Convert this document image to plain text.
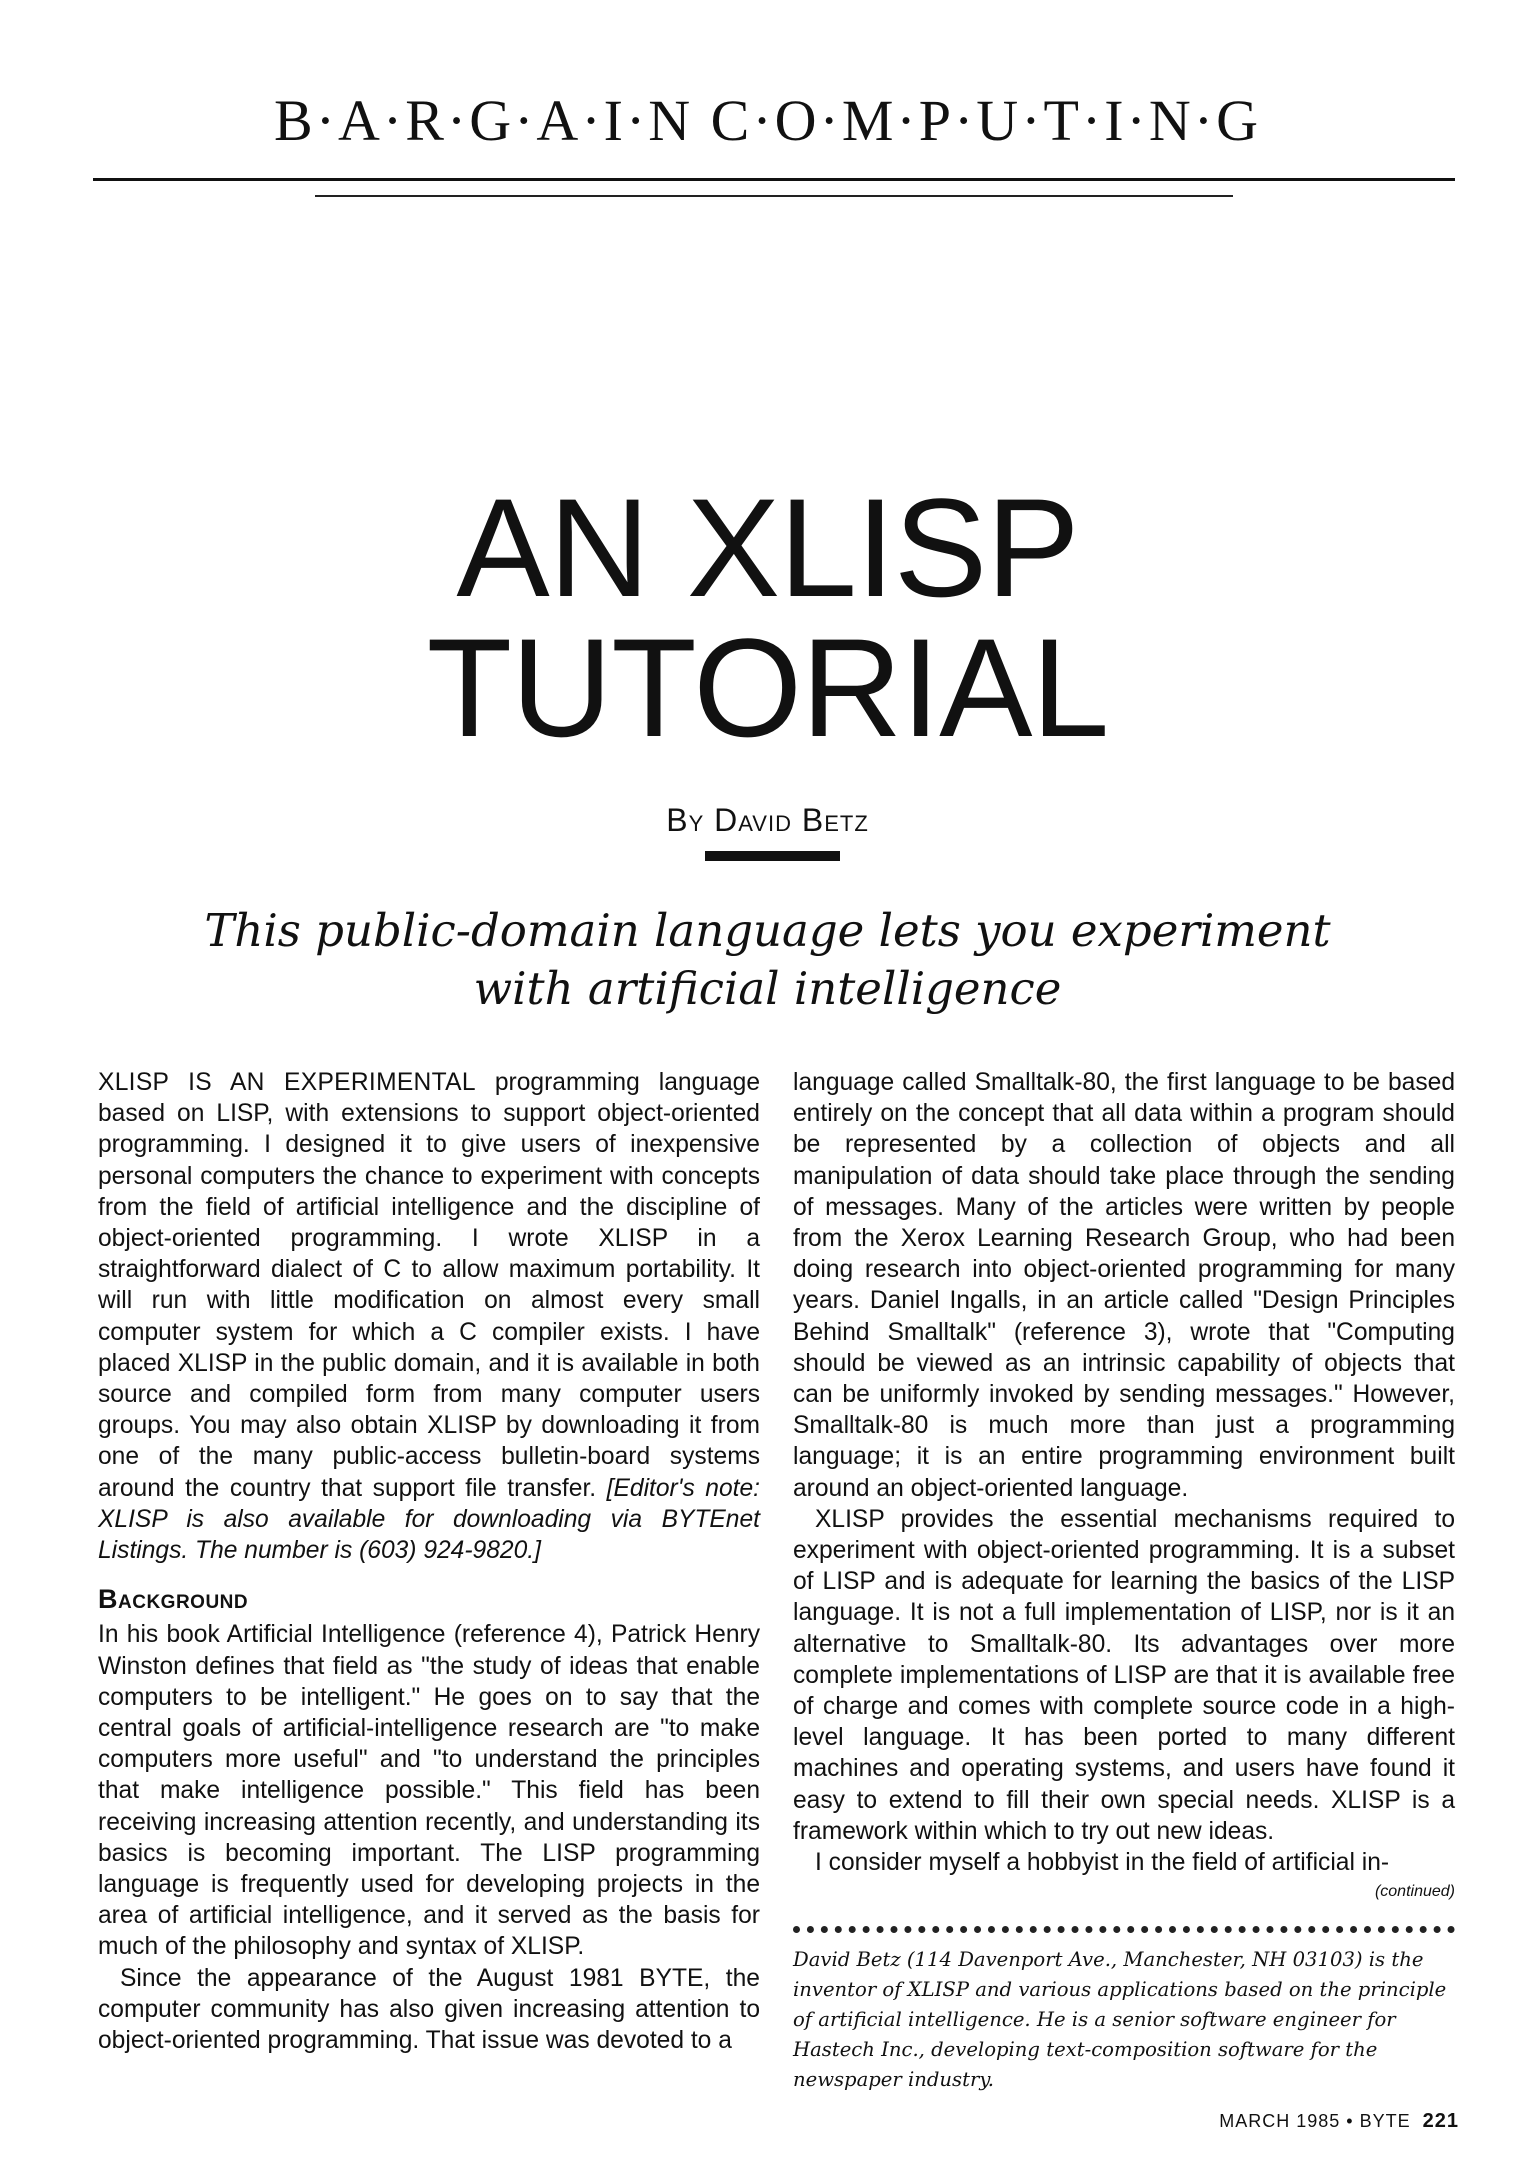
B·A·R·G·A·I·N C·O·M·P·U·T·I·N·G
AN XLISP
TUTORIAL
By David Betz
This public-domain language lets you experiment
with artificial intelligence

XLISP IS AN EXPERIMENTAL programming language based on LISP, with extensions to support object-oriented programming. I designed it to give users of inexpensive personal computers the chance to experiment with concepts from the field of artificial intelligence and the discipline of object-oriented programming. I wrote XLISP in a straightforward dialect of C to allow maximum portability. It will run with little modification on almost every small computer system for which a C compiler exists. I have placed XLISP in the public domain, and it is available in both source and compiled form from many computer users groups. You may also obtain XLISP by downloading it from one of the many public-access bulletin-board systems around the country that support file transfer. [Editor's note: XLISP is also available for downloading via BYTEnet Listings. The number is (603) 924-9820.]

Background

In his book Artificial Intelligence (reference 4), Patrick Henry Winston defines that field as "the study of ideas that enable computers to be intelligent." He goes on to say that the central goals of artificial-intelligence research are "to make computers more useful" and "to understand the principles that make intelligence possible." This field has been receiving increasing attention recently, and understanding its basics is becoming important. The LISP programming language is frequently used for developing projects in the area of artificial intelligence, and it served as the basis for much of the philosophy and syntax of XLISP.

Since the appearance of the August 1981 BYTE, the computer community has also given increasing attention to object-oriented programming. That issue was devoted to a

language called Smalltalk-80, the first language to be based entirely on the concept that all data within a program should be represented by a collection of objects and all manipulation of data should take place through the sending of messages. Many of the articles were written by people from the Xerox Learning Research Group, who had been doing research into object-oriented programming for many years. Daniel Ingalls, in an article called "Design Principles Behind Smalltalk" (reference 3), wrote that "Computing should be viewed as an intrinsic capability of objects that can be uniformly invoked by sending messages." However, Smalltalk-80 is much more than just a programming language; it is an entire programming environment built around an object-oriented language.

XLISP provides the essential mechanisms required to experiment with object-oriented programming. It is a subset of LISP and is adequate for learning the basics of the LISP language. It is not a full implementation of LISP, nor is it an alternative to Smalltalk-80. Its advantages over more complete implementations of LISP are that it is available free of charge and comes with complete source code in a high-level language. It has been ported to many different machines and operating systems, and users have found it easy to extend to fill their own special needs. XLISP is a framework within which to try out new ideas.

I consider myself a hobbyist in the field of artificial in-

(continued)
David Betz (114 Davenport Ave., Manchester, NH 03103) is the inventor of XLISP and various applications based on the principle of artificial intelligence. He is a senior software engineer for Hastech Inc., developing text-composition software for the newspaper industry.
MARCH 1985 • BYTE 221
